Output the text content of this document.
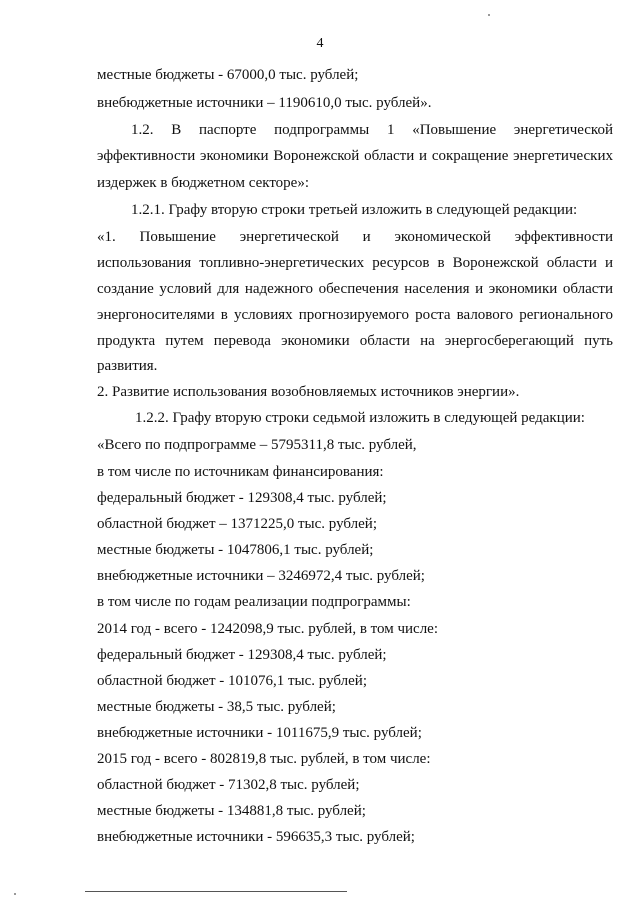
4
местные бюджеты - 67000,0 тыс. рублей;
внебюджетные источники – 1190610,0 тыс. рублей».
1.2. В паспорте подпрограммы 1 «Повышение энергетической
эффективности экономики Воронежской области и сокращение энергетических
издержек в бюджетном секторе»:
1.2.1. Графу вторую строки третьей изложить в следующей редакции:
«1. Повышение энергетической и экономической эффективности
использования топливно-энергетических ресурсов в Воронежской области и
создание условий для надежного обеспечения населения и экономики области
энергоносителями в условиях прогнозируемого роста валового регионального
продукта путем перевода экономики области на энергосберегающий путь
развития.
2. Развитие использования возобновляемых источников энергии».
1.2.2. Графу вторую строки седьмой изложить в следующей редакции:
«Всего по подпрограмме – 5795311,8 тыс. рублей,
в том числе по источникам финансирования:
федеральный бюджет - 129308,4 тыс. рублей;
областной бюджет – 1371225,0 тыс. рублей;
местные бюджеты - 1047806,1 тыс. рублей;
внебюджетные источники – 3246972,4 тыс. рублей;
в том числе по годам реализации подпрограммы:
2014 год - всего - 1242098,9 тыс. рублей, в том числе:
федеральный бюджет - 129308,4 тыс. рублей;
областной бюджет - 101076,1 тыс. рублей;
местные бюджеты - 38,5 тыс. рублей;
внебюджетные источники - 1011675,9 тыс. рублей;
2015 год - всего - 802819,8 тыс. рублей, в том числе:
областной бюджет - 71302,8 тыс. рублей;
местные бюджеты - 134881,8 тыс. рублей;
внебюджетные источники - 596635,3 тыс. рублей;
